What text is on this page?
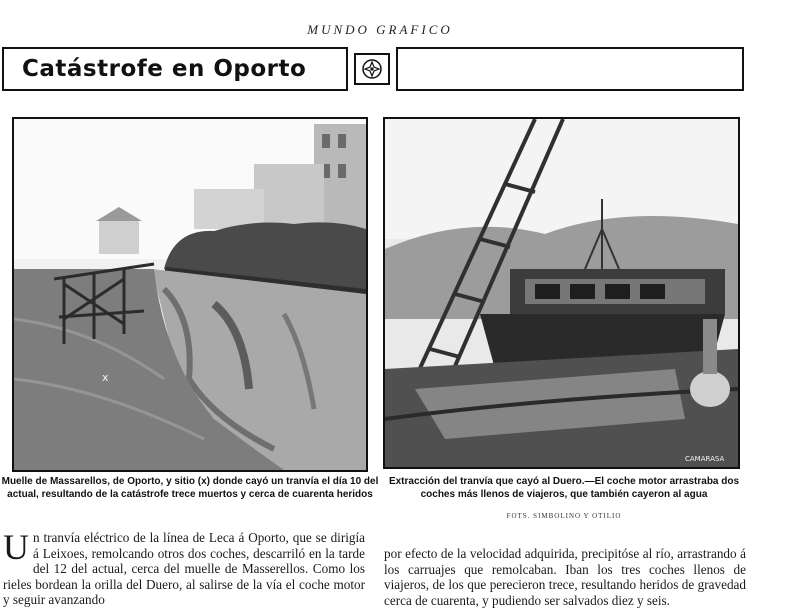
MUNDO GRAFICO
Catástrofe en Oporto
x
CAMARASA
Muelle de Massarellos, de Oporto, y sitio (x) donde cayó un tranvía el día 10 del actual, resultando de la catástrofe trece muertos y cerca de cuarenta heridos
Extracción del tranvía que cayó al Duero.—El coche motor arrastraba dos coches más llenos de viajeros, que también cayeron al agua
FOTS. SIMBOLINO Y OTILIO
Un tranvía eléctrico de la línea de Leca á Oporto, que se dirigía á Leixoes, remolcando otros dos coches, descarriló en la tarde del 12 del actual, cerca del muelle de Masserellos. Como los rieles bordean la orilla del Duero, al salirse de la vía el coche motor y seguir avanzando
por efecto de la velocidad adquirida, precipitóse al río, arrastrando á los carruajes que remolcaban. Iban los tres coches llenos de viajeros, de los que perecieron trece, resultando heridos de gravedad cerca de cuarenta, y pudiendo ser salvados diez y seis.
